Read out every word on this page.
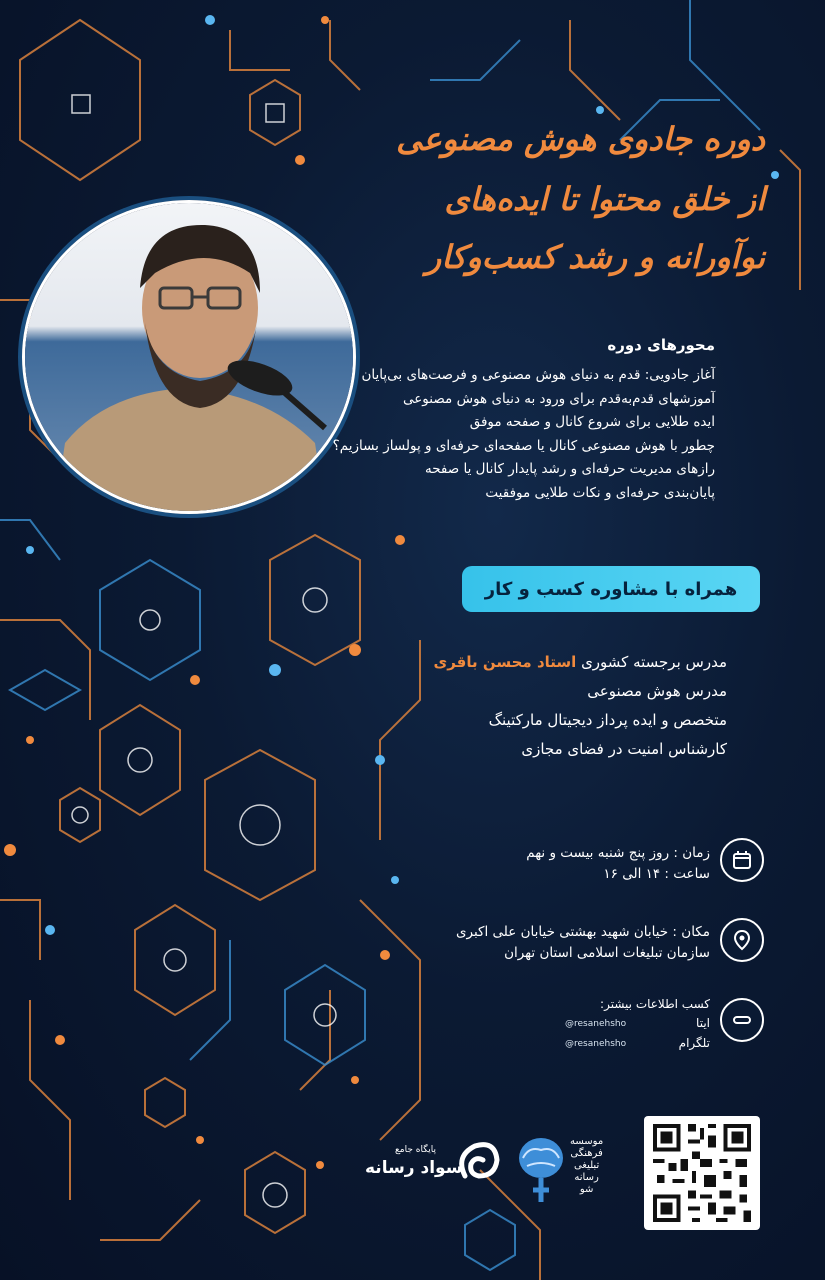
دوره جادوی هوش مصنوعی
از خلق محتوا تا ایده‌های
نوآورانه و رشد کسب‌وکار
محورهای دوره
آغاز جادویی: قدم به دنیای هوش مصنوعی و فرصت‌های بی‌پایان
آموزشهای قدم‌به‌قدم برای ورود به دنیای هوش مصنوعی
ایده طلایی برای شروع کانال و صفحه موفق
چطور با هوش مصنوعی کانال یا صفحه‌ای حرفه‌ای و پولساز بسازیم؟
رازهای مدیریت حرفه‌ای و رشد پایدار کانال یا صفحه
پایان‌بندی حرفه‌ای و نکات طلایی موفقیت
همراه با مشاوره کسب و کار
مدرس برجسته کشوری استاد محسن باقری
مدرس هوش مصنوعی
متخصص و ایده پرداز دیجیتال مارکتینگ
کارشناس امنیت در فضای مجازی
زمان : روز پنج شنبه بیست و نهم
ساعت : ۱۴ الی ۱۶
مکان : خیابان شهید بهشتی خیابان علی اکبری
سازمان تبلیغات اسلامی استان تهران
کسب اطلاعات بیشتر:
ایتا
@resanehsho
تلگرام
@resanehsho
پایگاه جامع
سواد رسانه
موسسه
فرهنگی
تبلیغی
رسانه
شو
